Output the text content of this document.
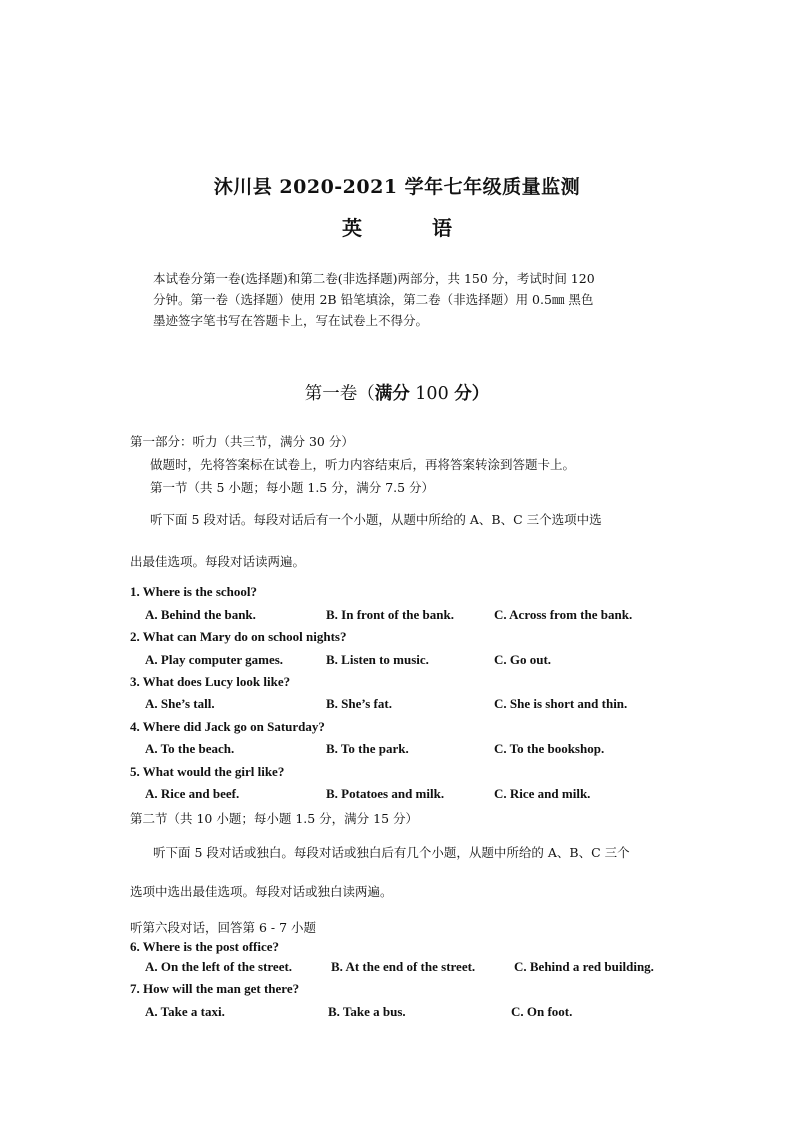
沐川县 2020-2021 学年七年级质量监测
英语
本试卷分第一卷(选择题)和第二卷(非选择题)两部分，共 150 分，考试时间 120
分钟。第一卷（选择题）使用 2B 铅笔填涂，第二卷（非选择题）用 0.5㎜ 黑色
墨迹签字笔书写在答题卡上，写在试卷上不得分。
第一卷（满分 100 分）
第一部分：听力（共三节，满分 30 分）
做题时，先将答案标在试卷上，听力内容结束后，再将答案转涂到答题卡上。
第一节（共 5 小题；每小题 1.5 分，满分 7.5 分）
听下面 5 段对话。每段对话后有一个小题，从题中所给的 A、B、C 三个选项中选
出最佳选项。每段对话读两遍。
1. Where is the school?
A. Behind the bank.	B. In front of the bank.	C. Across from the bank.
2. What can Mary do on school nights?
A. Play computer games.	B. Listen to music.	C. Go out.
3. What does Lucy look like?
A. She’s tall.	B. She’s fat.	C. She is short and thin.
4. Where did Jack go on Saturday?
A. To the beach.	B. To the park.	C. To the bookshop.
5. What would the girl like?
A. Rice and beef.	B. Potatoes and milk.	C. Rice and milk.
第二节（共 10 小题；每小题 1.5 分，满分 15 分）
听下面 5 段对话或独白。每段对话或独白后有几个小题，从题中所给的 A、B、C 三个
选项中选出最佳选项。每段对话或独白读两遍。
听第六段对话，回答第 6 - 7 小题
6. Where is the post office?
A. On the left of the street.	B. At the end of the street.	C. Behind a red building.
7. How will the man get there?
A. Take a taxi.	B. Take a bus.	C. On foot.
